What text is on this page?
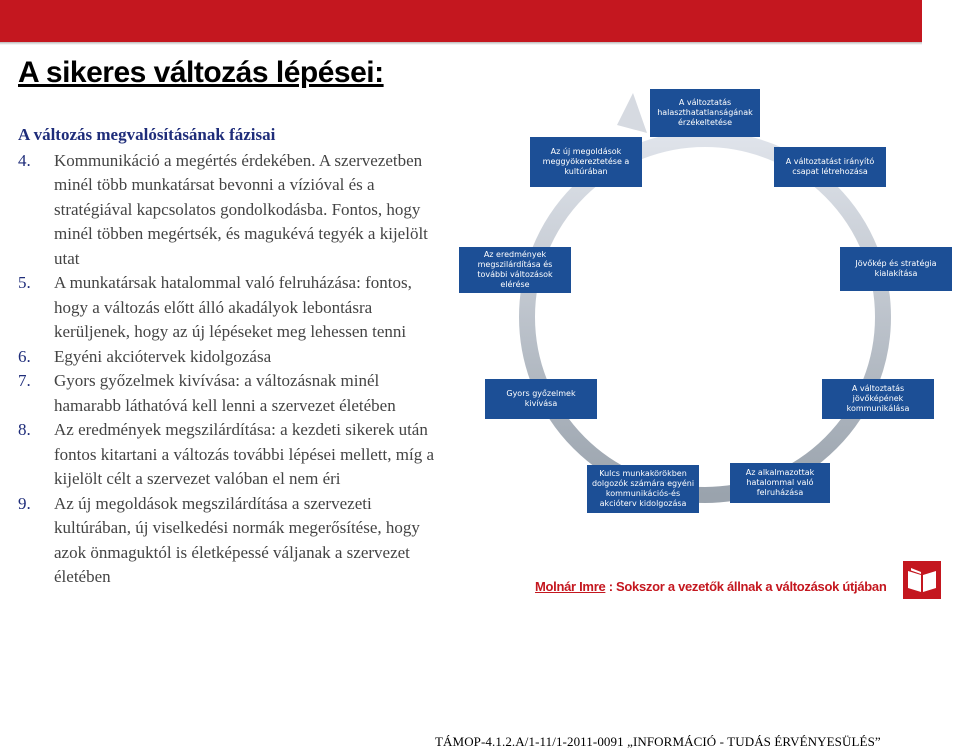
A sikeres változás lépései:
A változás megvalósításának fázisai
4. Kommunikáció a megértés érdekében. A szervezetben minél több munkatársat bevonni a vízióval és a stratégiával kapcsolatos gondolkodásba. Fontos, hogy minél többen megértsék, és magukévá tegyék a kijelölt utat
5. A munkatársak hatalommal való felruházása: fontos, hogy a változás előtt álló akadályok lebontásra kerüljenek, hogy az új lépéseket meg lehessen tenni
6. Egyéni akciótervek kidolgozása
7. Gyors győzelmek kivívása: a változásnak minél hamarabb láthatóvá kell lenni a szervezet életében
8. Az eredmények megszilárdítása: a kezdeti sikerek után fontos kitartani a változás további lépései mellett, míg a kijelölt célt a szervezet valóban el nem éri
9. Az új megoldások megszilárdítása a szervezeti kultúrában, új viselkedési normák megerősítése, hogy azok önmaguktól is életképessé váljanak a szervezet életében
A változtatás halaszthatatlanságának érzékeltetése
A változtatást irányító csapat létrehozása
Jövőkép és stratégia kialakítása
A változtatás jövőképének kommunikálása
Az alkalmazottak hatalommal való felruházása
Kulcs munkakörökben dolgozók számára egyéni kommunikációs-és akcióterv kidolgozása
Gyors győzelmek kivívása
Az eredmények megszilárdítása és további változások elérése
Az új megoldások meggyökereztetése a kultúrában
Molnár Imre : Sokszor a vezetők állnak a változások útjában
TÁMOP-4.1.2.A/1-11/1-2011-0091 „INFORMÁCIÓ - TUDÁS ÉRVÉNYESÜLÉS”
